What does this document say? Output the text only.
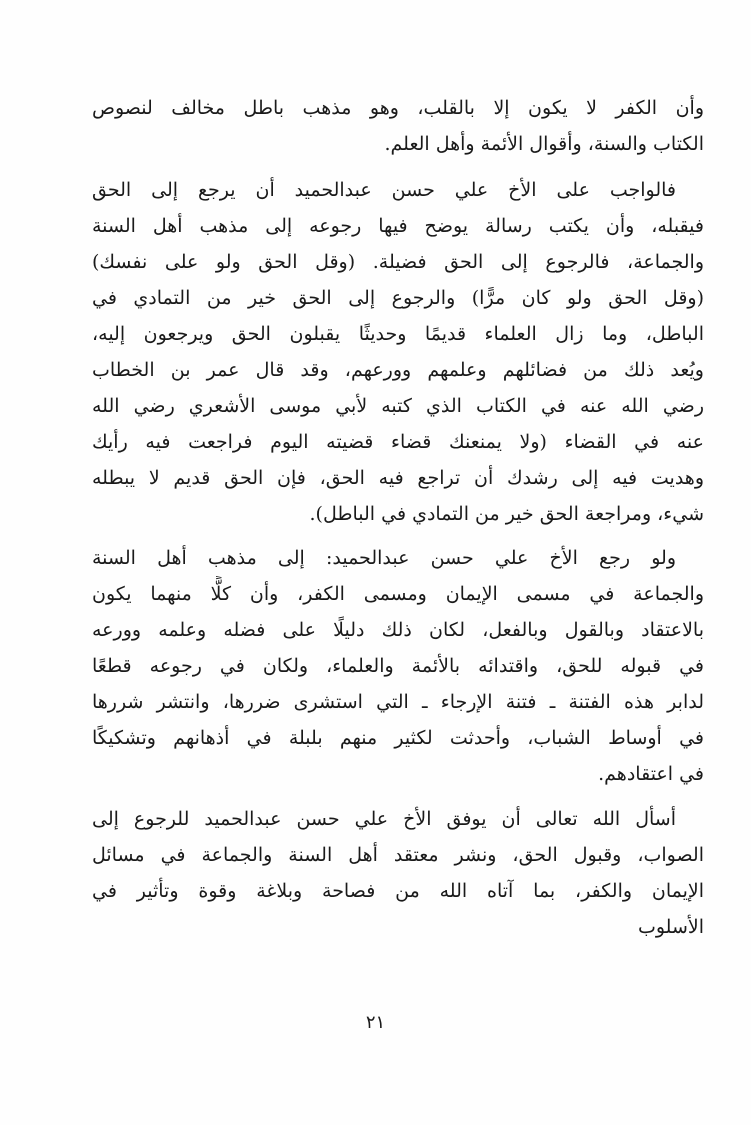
وأن الكفر لا يكون إلا بالقلب، وهو مذهب باطل مخالف لنصوص
الكتاب والسنة، وأقوال الأئمة وأهل العلم.
فالواجب على الأخ علي حسن عبدالحميد أن يرجع إلى الحق
فيقبله، وأن يكتب رسالة يوضح فيها رجوعه إلى مذهب أهل السنة
والجماعة، فالرجوع إلى الحق فضيلة. (وقل الحق ولو على نفسك)
(وقل الحق ولو كان مرًّا) والرجوع إلى الحق خير من التمادي في
الباطل، وما زال العلماء قديمًا وحديثًا يقبلون الحق ويرجعون إليه،
ويُعد ذلك من فضائلهم وعلمهم وورعهم، وقد قال عمر بن الخطاب
رضي الله عنه في الكتاب الذي كتبه لأبي موسى الأشعري رضي الله
عنه في القضاء (ولا يمنعنك قضاء قضيته اليوم فراجعت فيه رأيك
وهديت فيه إلى رشدك أن تراجع فيه الحق، فإن الحق قديم لا يبطله
شيء، ومراجعة الحق خير من التمادي في الباطل).
ولو رجع الأخ علي حسن عبدالحميد: إلى مذهب أهل السنة
والجماعة في مسمى الإيمان ومسمى الكفر، وأن كلًّا منهما يكون
بالاعتقاد وبالقول وبالفعل، لكان ذلك دليلًا على فضله وعلمه وورعه
في قبوله للحق، واقتدائه بالأئمة والعلماء، ولكان في رجوعه قطعًا
لدابر هذه الفتنة ـ فتنة الإرجاء ـ التي استشرى ضررها، وانتشر شررها
في أوساط الشباب، وأحدثت لكثير منهم بلبلة في أذهانهم وتشكيكًا
في اعتقادهم.
أسأل الله تعالى أن يوفق الأخ علي حسن عبدالحميد للرجوع إلى
الصواب، وقبول الحق، ونشر معتقد أهل السنة والجماعة في مسائل
الإيمان والكفر، بما آتاه الله من فصاحة وبلاغة وقوة وتأثير في
الأسلوب
٢١
